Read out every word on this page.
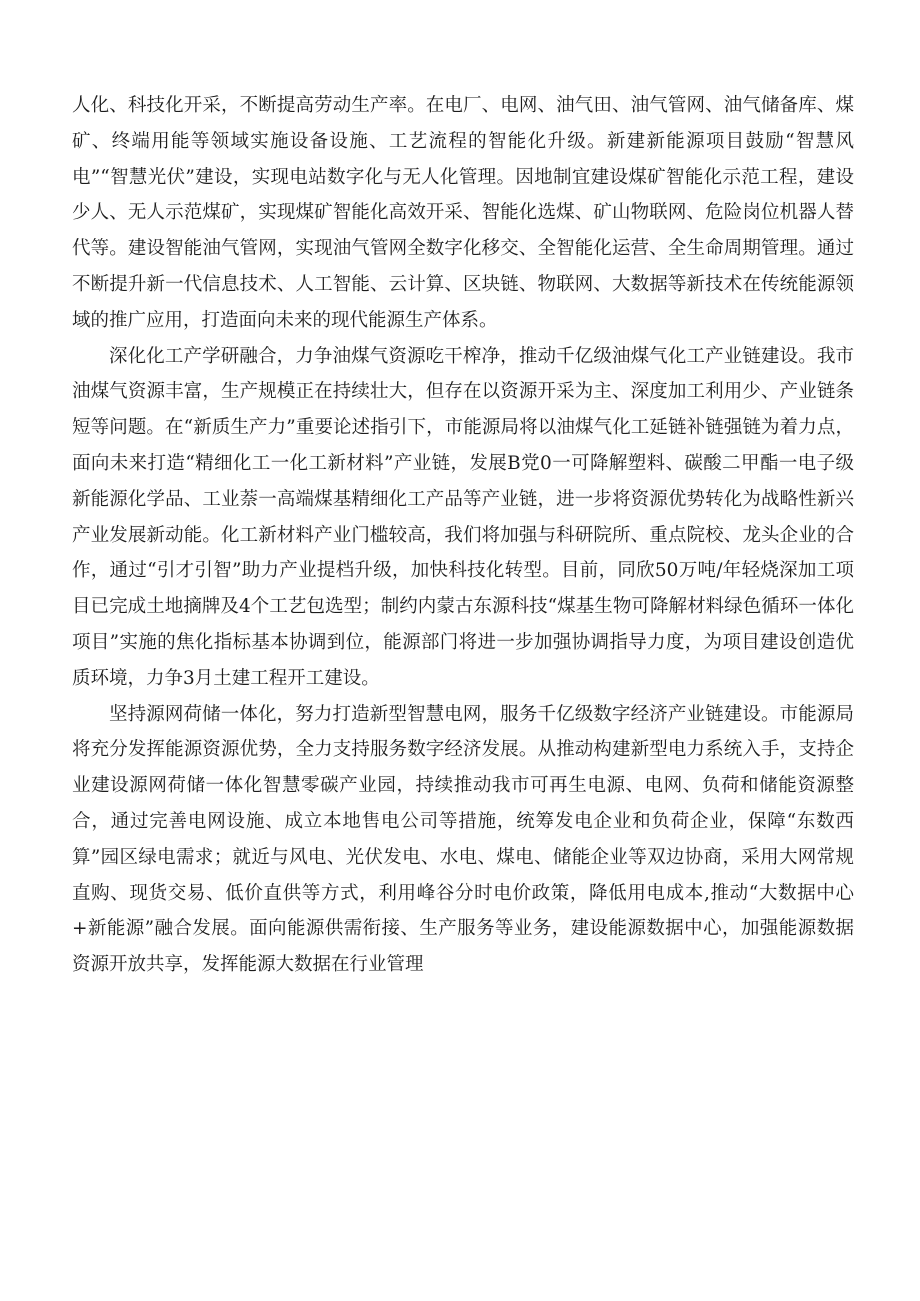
人化、科技化开采，不断提高劳动生产率。在电厂、电网、油气田、油气管网、油气储备库、煤矿、终端用能等领域实施设备设施、工艺流程的智能化升级。新建新能源项目鼓励“智慧风电”“智慧光伏”建设，实现电站数字化与无人化管理。因地制宜建设煤矿智能化示范工程，建设少人、无人示范煤矿，实现煤矿智能化高效开采、智能化选煤、矿山物联网、危险岗位机器人替代等。建设智能油气管网，实现油气管网全数字化移交、全智能化运营、全生命周期管理。通过不断提升新一代信息技术、人工智能、云计算、区块链、物联网、大数据等新技术在传统能源领域的推广应用，打造面向未来的现代能源生产体系。

深化化工产学研融合，力争油煤气资源吃干榨净，推动千亿级油煤气化工产业链建设。我市油煤气资源丰富，生产规模正在持续壮大，但存在以资源开采为主、深度加工利用少、产业链条短等问题。在“新质生产力”重要论述指引下，市能源局将以油煤气化工延链补链强链为着力点，面向未来打造“精细化工一化工新材料”产业链，发展B党0一可降解塑料、碳酸二甲酯一电子级新能源化学品、工业萘一高端煤基精细化工产品等产业链，进一步将资源优势转化为战略性新兴产业发展新动能。化工新材料产业门槛较高，我们将加强与科研院所、重点院校、龙头企业的合作，通过“引才引智”助力产业提档升级，加快科技化转型。目前，同欣50万吨/年轻烧深加工项目已完成土地摘牌及4个工艺包选型；制约内蒙古东源科技“煤基生物可降解材料绿色循环一体化项目”实施的焦化指标基本协调到位，能源部门将进一步加强协调指导力度，为项目建设创造优质环境，力争3月土建工程开工建设。

坚持源网荷储一体化，努力打造新型智慧电网，服务千亿级数字经济产业链建设。市能源局将充分发挥能源资源优势，全力支持服务数字经济发展。从推动构建新型电力系统入手，支持企业建设源网荷储一体化智慧零碳产业园，持续推动我市可再生电源、电网、负荷和储能资源整合，通过完善电网设施、成立本地售电公司等措施，统筹发电企业和负荷企业，保障“东数西算”园区绿电需求；就近与风电、光伏发电、水电、煤电、储能企业等双边协商，采用大网常规直购、现货交易、低价直供等方式，利用峰谷分时电价政策，降低用电成本,推动“大数据中心+新能源”融合发展。面向能源供需衔接、生产服务等业务，建设能源数据中心，加强能源数据资源开放共享，发挥能源大数据在行业管理
